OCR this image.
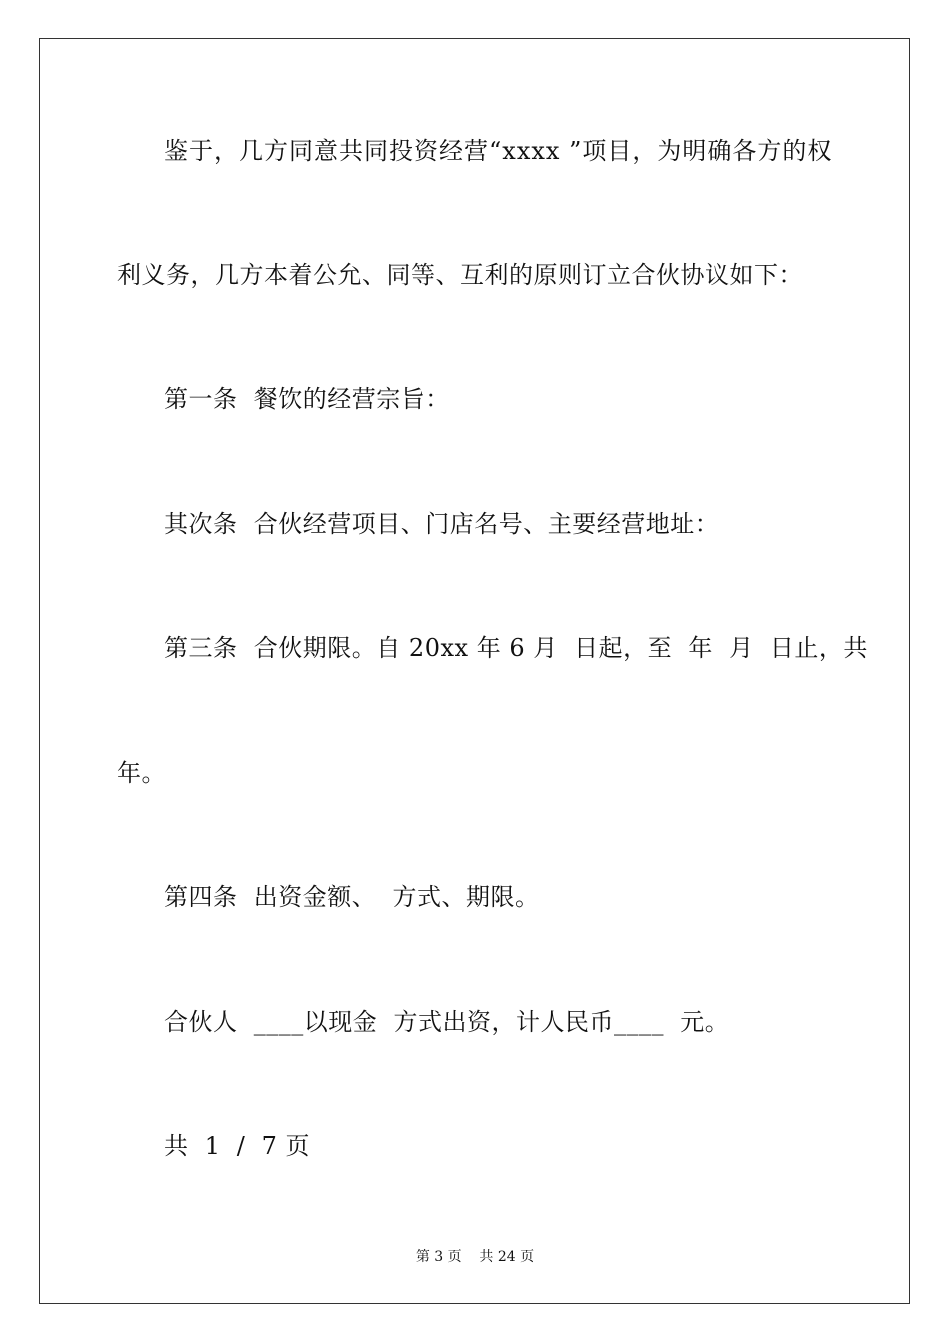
鉴 于 ， 几 方 同 意 共 同 投 资 经 营 “ x x x x
” 项 目 ， 为 明 确 各 方 的 权
利义务，几方本着公允、同等、互利的原则订立合伙协议如下：
第一条  餐饮的经营宗旨：
其次条  合伙经营项目、门店名号、主要经营地址：
第 三 条

合 伙 期 限 。 自
2 0 x x
年
6
月

日 起 ， 至

年

月

日 止 ， 共
年。
第四条  出资金额、  方式、期限。
合伙人  ____以现金  方式出资，计人民币____  元。
共  1  /  7 页
第 3 页    共 24 页
